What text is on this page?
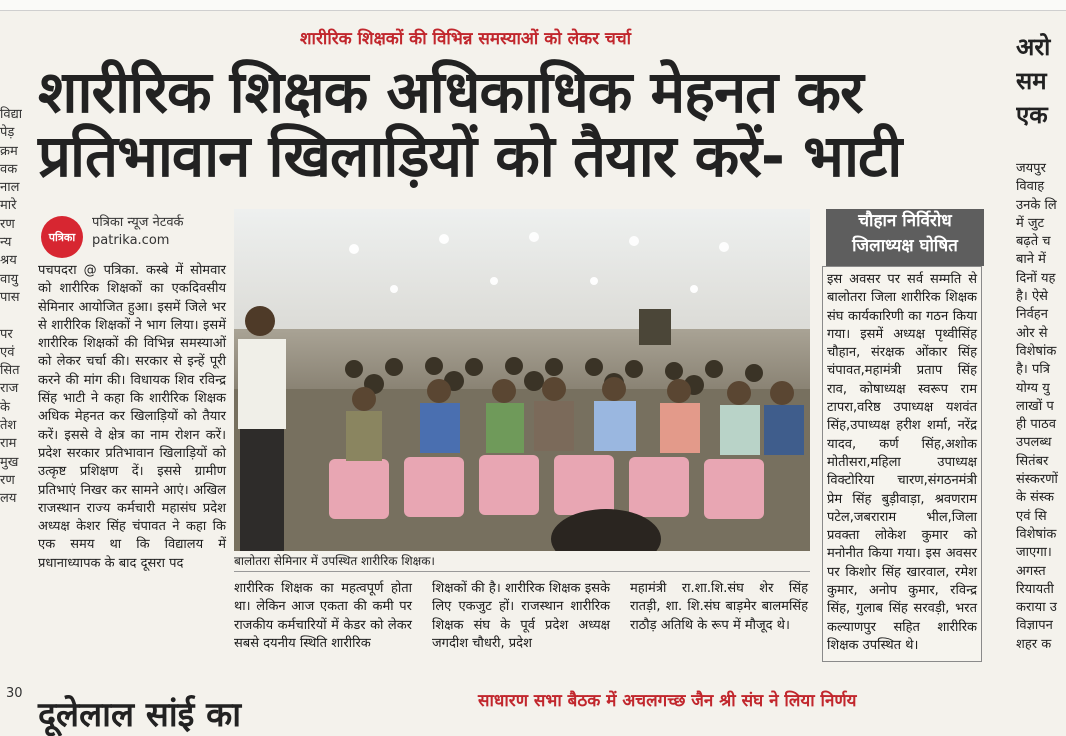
विद्या
पेड़
क्रम
वक
नाल
मारे
रण
न्य
श्रय
वायु
पास
पर
एवं
सित
राज
के
तेश
राम
मुख
रण
लय
शारीरिक शिक्षकों की विभिन्न समस्याओं को लेकर चर्चा
शारीरिक शिक्षक अधिकाधिक मेहनत कर प्रतिभावान खिलाड़ियों को तैयार करें- भाटी
पत्रिका
पत्रिका न्यूज नेटवर्क
patrika.com
पचपदरा @ पत्रिका. कस्बे में सोमवार को शारीरिक शिक्षकों का एकदिवसीय सेमिनार आयोजित हुआ। इसमें जिले भर से शारीरिक शिक्षकों ने भाग लिया। इसमें शारीरिक शिक्षकों की विभिन्न समस्याओं को लेकर चर्चा की। सरकार से इन्हें पूरी करने की मांग की। विधायक शिव रविन्द्र सिंह भाटी ने कहा कि शारीरिक शिक्षक अधिक मेहनत कर खिलाड़ियों को तैयार करें। इससे वे क्षेत्र का नाम रोशन करें। प्रदेश सरकार प्रतिभावान खिलाड़ियों को उत्कृष्ट प्रशिक्षण दें। इससे ग्रामीण प्रतिभाएं निखर कर सामने आएं। अखिल राजस्थान राज्य कर्मचारी महासंघ प्रदेश अध्यक्ष केशर सिंह चंपावत ने कहा कि एक समय था कि विद्यालय में प्रधानाध्यापक के बाद दूसरा पद	बालोतरा सेमिनार में उपस्थित शारीरिक शिक्षक।
शारीरिक शिक्षक का महत्वपूर्ण होता था। लेकिन आज एकता की कमी पर राजकीय कर्मचारियों में केडर को लेकर सबसे दयनीय स्थिति शारीरिक
शिक्षकों की है। शारीरिक शिक्षक इसके लिए एकजुट हों। राजस्थान शारीरिक शिक्षक संघ के पूर्व प्रदेश अध्यक्ष जगदीश चौधरी, प्रदेश
महामंत्री रा.शा.शि.संघ शेर सिंह रातड़ी, शा. शि.संघ बाड़मेर बालमसिंह राठौड़ अतिथि के रूप में मौजूद थे।
चौहान निर्विरोध जिलाध्यक्ष घोषित
इस अवसर पर सर्व सम्मति से बालोतरा जिला शारीरिक शिक्षक संघ कार्यकारिणी का गठन किया गया। इसमें अध्यक्ष पृथ्वीसिंह चौहान, संरक्षक ओंकार सिंह चंपावत,महामंत्री प्रताप सिंह राव, कोषाध्यक्ष स्वरूप राम टापरा,वरिष्ठ उपाध्यक्ष यशवंत सिंह,उपाध्यक्ष हरीश शर्मा, नरेंद्र यादव, कर्ण सिंह,अशोक मोतीसरा,महिला उपाध्यक्ष विक्टोरिया चारण,संगठनमंत्री प्रेम सिंह बुड़ीवाड़ा, श्रवणराम पटेल,जबराराम भील,जिला प्रवक्ता लोकेश कुमार को मनोनीत किया गया। इस अवसर पर किशोर सिंह खारवाल, रमेश कुमार, अनोप कुमार, रविन्द्र सिंह, गुलाब सिंह सरवड़ी, भरत कल्याणपुर सहित शारीरिक शिक्षक उपस्थित थे।
अरो
सम
एक
जयपुर
विवाह
उनके लि
में जुट
बढ़ते च
बाने में
दिनों यह
है। ऐसे
निर्वहन
ओर से
विशेषांक
है। पत्रि
योग्य यु
लाखों प
ही पाठव
उपलब्ध
सितंबर
संस्करणों
के संस्क
एवं सि
विशेषांक
जाएगा।
अगस्त
रियायती
कराया उ
विज्ञापन
शहर क
30
दूलेलाल सांई का	साधारण सभा बैठक में अचलगच्छ जैन श्री संघ ने लिया निर्णय
